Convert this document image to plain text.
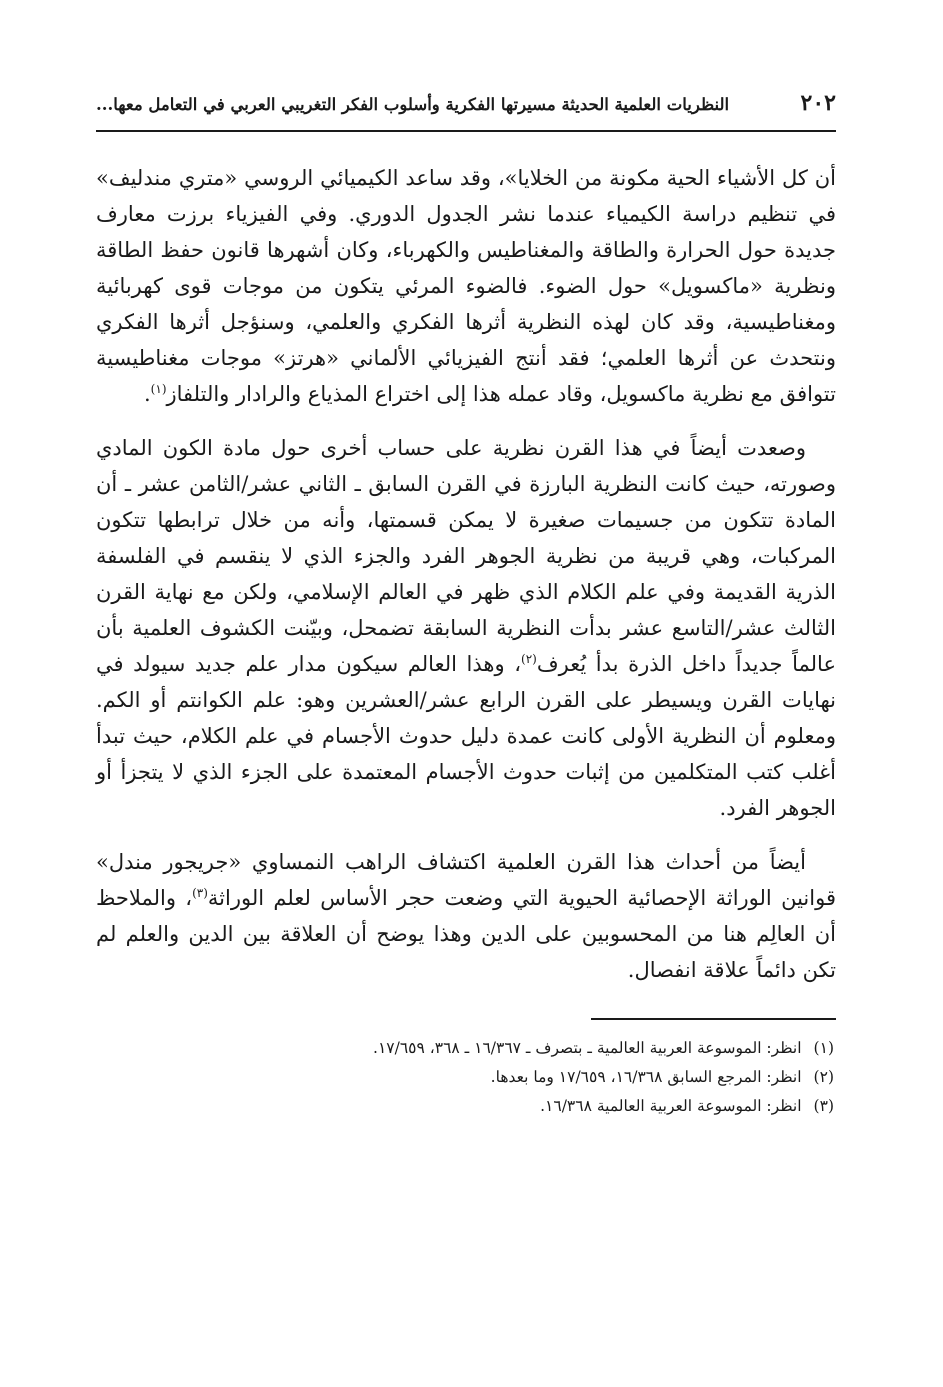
٢٠٢
النظريات العلمية الحديثة مسيرتها الفكرية وأسلوب الفكر التغريبي العربي في التعامل معها...

أن كل الأشياء الحية مكونة من الخلايا»، وقد ساعد الكيميائي الروسي «متري مندليف» في تنظيم دراسة الكيمياء عندما نشر الجدول الدوري. وفي الفيزياء برزت معارف جديدة حول الحرارة والطاقة والمغناطيس والكهرباء، وكان أشهرها قانون حفظ الطاقة ونظرية «ماكسويل» حول الضوء. فالضوء المرئي يتكون من موجات قوى كهربائية ومغناطيسية، وقد كان لهذه النظرية أثرها الفكري والعلمي، وسنؤجل أثرها الفكري ونتحدث عن أثرها العلمي؛ فقد أنتج الفيزيائي الألماني «هرتز» موجات مغناطيسية تتوافق مع نظرية ماكسويل، وقاد عمله هذا إلى اختراع المذياع والرادار والتلفاز$^{(١)}$.

وصعدت أيضاً في هذا القرن نظرية على حساب أخرى حول مادة الكون المادي وصورته، حيث كانت النظرية البارزة في القرن السابق ـ الثاني عشر/الثامن عشر ـ أن المادة تتكون من جسيمات صغيرة لا يمكن قسمتها، وأنه من خلال ترابطها تتكون المركبات، وهي قريبة من نظرية الجوهر الفرد والجزء الذي لا ينقسم في الفلسفة الذرية القديمة وفي علم الكلام الذي ظهر في العالم الإسلامي، ولكن مع نهاية القرن الثالث عشر/التاسع عشر بدأت النظرية السابقة تضمحل، وبيّنت الكشوف العلمية بأن عالماً جديداً داخل الذرة بدأ يُعرف$^{(٢)}$، وهذا العالم سيكون مدار علم جديد سيولد في نهايات القرن ويسيطر على القرن الرابع عشر/العشرين وهو: علم الكوانتم أو الكم. ومعلوم أن النظرية الأولى كانت عمدة دليل حدوث الأجسام في علم الكلام، حيث تبدأ أغلب كتب المتكلمين من إثبات حدوث الأجسام المعتمدة على الجزء الذي لا يتجزأ أو الجوهر الفرد.

أيضاً من أحداث هذا القرن العلمية اكتشاف الراهب النمساوي «جريجور مندل» قوانين الوراثة الإحصائية الحيوية التي وضعت حجر الأساس لعلم الوراثة$^{(٣)}$، والملاحظ أن العالِم هنا من المحسوبين على الدين وهذا يوضح أن العلاقة بين الدين والعلم لم تكن دائماً علاقة انفصال.

(١)
انظر: الموسوعة العربية العالمية ـ بتصرف ـ ١٦/٣٦٧ ـ ٣٦٨، ١٧/٦٥٩.
(٢)
انظر: المرجع السابق ١٦/٣٦٨، ١٧/٦٥٩ وما بعدها.
(٣)
انظر: الموسوعة العربية العالمية ١٦/٣٦٨.
